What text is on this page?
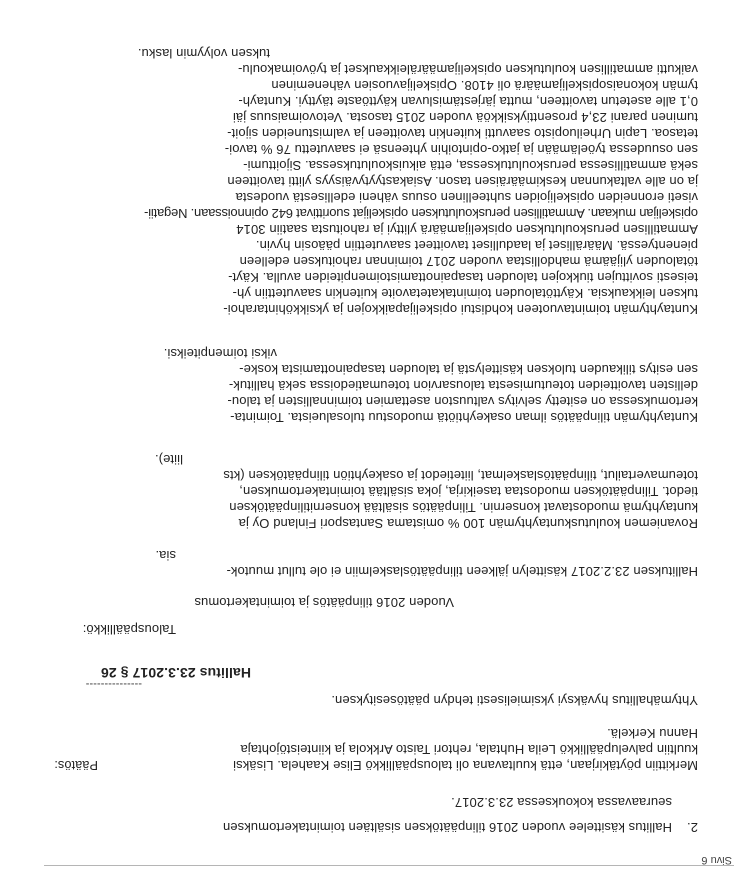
Sivu 6
2.
Hallitus käsittelee vuoden 2016 tilinpäätöksen sisältäen toimintakertomuksen
seuraavassa kokouksessa 23.3.2017.
Päätös:	Merkittiin pöytäkirjaan, että kuultavana oli talouspäällikkö Elise Kaahela. Lisäksi
kuultiin palvelupäällikkö Leila Huhtala, rehtori Taisto Arkkola ja kiinteistöjohtaja
Hannu Kerkelä.
Yhtymähallitus hyväksyi yksimielisesti tehdyn päätösesityksen.
---------------
Hallitus 23.3.2017 § 26
Talouspäällikkö:
Vuoden 2016 tilinpäätös ja toimintakertomus
Hallituksen 23.2.2017 käsittelyn jälkeen tilinpäätöslaskelmiin ei ole tullut muutok-
sia.
Rovaniemen koulutuskuntayhtymän 100 % omistama Santaspori Finland Oy ja
kuntayhtymä muodostavat konsernin. Tilinpäätös sisältää konsernitilinpäätöksen
tiedot. Tilinpäätöksen muodostaa taseikirja, joka sisältää toimintakertomuksen,
toteumavertailut, tilinpäätöslaskelmat, liitetiedot ja osakeyhtiön tilinpäätöksen (kts
liite).
Kuntayhtymän tilinpäätös ilman osakeyhtiötä muodostuu tulosalueista. Toiminta-
kertomuksessa on esitetty selvitys valtuuston asettamien toiminnallisten ja talou-
dellisten tavoitteiden toteutumisesta talousarvion toteumatiedoissa sekä hallituk-
sen esitys tilikauden tuloksen käsittelystä ja talouden tasapainottamista koske-
viksi toimenpiteiksi.
Kuntayhtymän toimintavuoteen kohdistui opiskelijapaikkojen ja yksikköhintarahoi-
tuksen leikkauksia. Käyttötalouden toimintakatetavoite kuitenkin saavutettiin yh-
teisesti sovittujen tiukkojen talouden tasapainottamistoimenpiteiden avulla. Käyt-
tötalouden ylijäämä mahdollistaa vuoden 2017 toiminnan rahoituksen edelleen
pienentyessä. Määrälliset ja laadulliset tavoitteet saavutettiin pääosin hyvin.
Ammatillisen peruskoulutuksen opiskelijamäärä ylittyi ja rahoitusta saatiin 3014
opiskelijan mukaan. Ammatillisen peruskoulutuksen opiskelijat suorittivat 642 opinnoissaan. Negatii-
viseti eronneiden opiskelijoiden suhteellinen osuus väheni edellisestä vuodesta
ja on alle valtakunnan keskimääräisen tason. Asiakastyytyväisyys ylitti tavoitteen
sekä ammatillisessa peruskoulutuksessa, että aikuiskoulutuksessa. Sijoittumi-
sen osuudessa työelämään ja jatko-opintoihin yhteensä ei saavutettu 76 % tavoi-
tetasoa. Lapin Urheiluopisto saavutti kuitenkin tavoitteen ja valmistuneiden sijoit-
tuminen parani 23,4 prosenttiyksikköä vuoden 2015 tasosta. Vetovoimaisuus jäi
0,1 alle asetetun tavoitteen, mutta järjestämisluvan käyttöaste täyttyi. Kuntayh-
tymän kokonaisopiskelijamäärä oli 4108. Opiskelijavuosien väheneminen
vaikutti ammatillisen koulutuksen opiskelijamääräleikkaukset ja työvoimakoulu-
tuksen volyymin lasku.
